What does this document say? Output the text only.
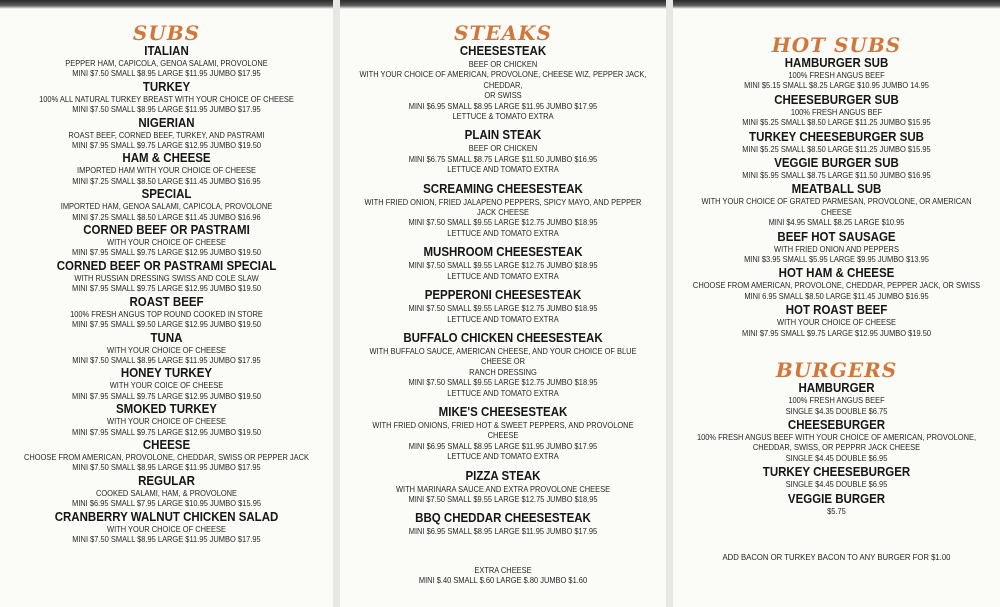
SUBS

ITALIAN

PEPPER HAM, CAPICOLA, GENOA SALAMI, PROVOLONE

MINI $7.50 SMALL $8.95 LARGE $11.95 JUMBO $17.95

TURKEY

100% ALL NATURAL TURKEY BREAST WITH YOUR CHOICE OF CHEESE

MINI $7.50 SMALL $8.95 LARGE $11.95 JUMBO $17.95

NIGERIAN

ROAST BEEF, CORNED BEEF, TURKEY, AND PASTRAMI

MINI $7.95 SMALL $9.75 LARGE $12.95 JUMBO $19.50

HAM & CHEESE

IMPORTED HAM WITH YOUR CHOICE OF CHEESE

MINI $7.25 SMALL $8.50 LARGE $11.45 JUMBO $16.95

SPECIAL

IMPORTED HAM, GENOA SALAMI, CAPICOLA, PROVOLONE

MINI $7.25 SMALL $8.50 LARGE $11.45 JUMBO $16.96

CORNED BEEF OR PASTRAMI

WITH YOUR CHOICE OF CHEESE

MINI $7.95 SMALL $9.75 LARGE $12.95 JUMBO $19.50

CORNED BEEF OR PASTRAMI SPECIAL

WITH RUSSIAN DRESSING SWISS AND COLE SLAW

MINI $7.95 SMALL $9.75 LARGE $12.95 JUMBO $19.50

ROAST BEEF

100% FRESH ANGUS TOP ROUND COOKED IN STORE

MINI $7.95 SMALL $9.50 LARGE $12.95 JUMBO $19.50

TUNA

WITH YOUR CHOICE OF CHEESE

MINI $7.50 SMALL $8.95 LARGE $11.95 JUMBO $17.95

HONEY TURKEY

WITH YOUR COICE OF CHEESE

MINI $7.95 SMALL $9.75 LARGE $12.95 JUMBO $19.50

SMOKED TURKEY

WITH YOUR CHOICE OF CHEESE

MINI $7.95 SMALL $9.75 LARGE $12.95 JUMBO $19.50

CHEESE

CHOOSE FROM AMERICAN, PROVOLONE, CHEDDAR, SWISS OR PEPPER JACK

MINI $7.50 SMALL $8.95 LARGE $11.95 JUMBO $17.95

REGULAR

COOKED SALAMI, HAM, & PROVOLONE

MINI $6.95 SMALL $7.95 LARGE $10.95 JUMBO $15.95

CRANBERRY WALNUT CHICKEN SALAD

WITH YOUR CHOICE OF CHEESE

MINI $7.50 SMALL $8.95 LARGE $11.95 JUMBO $17.95

STEAKS

CHEESESTEAK

BEEF OR CHICKEN
WITH YOUR CHOICE OF AMERICAN, PROVOLONE, CHEESE WIZ, PEPPER JACK, CHEDDAR,
OR SWISS

MINI $6.95 SMALL $8.95 LARGE $11.95 JUMBO $17.95
LETTUCE & TOMATO EXTRA

PLAIN STEAK

BEEF OR CHICKEN

MINI $6.75 SMALL $8.75 LARGE $11.50 JUMBO $16.95
LETTUCE AND TOMATO EXTRA

SCREAMING CHEESESTEAK

WITH FRIED ONION, FRIED JALAPENO PEPPERS, SPICY MAYO, AND PEPPER JACK CHEESE

MINI $7.50 SMALL $9.55 LARGE $12.75 JUMBO $18.95
LETTUCE AND TOMATO EXTRA

MUSHROOM CHEESESTEAK

MINI $7.50 SMALL $9.55 LARGE $12.75 JUMBO $18.95
LETTUCE AND TOMATO EXTRA

PEPPERONI CHEESESTEAK

MINI $7.50 SMALL $9.55 LARGE $12.75 JUMBO $18.95
LETTUCE AND TOMATO EXTRA

BUFFALO CHICKEN CHEESESTEAK

WITH BUFFALO SAUCE, AMERICAN CHEESE, AND YOUR CHOICE OF BLUE CHEESE OR
RANCH DRESSING

MINI $7.50 SMALL $9.55 LARGE $12.75 JUMBO $18.95
LETTUCE AND TOMATO EXTRA

MIKE'S CHEESESTEAK

WITH FRIED ONIONS, FRIED HOT & SWEET PEPPERS, AND PROVOLONE CHEESE

MINI $6.95 SMALL $8.95 LARGE $11.95 JUMBO $17.95
LETTUCE AND TOMATO EXTRA

PIZZA STEAK

WITH MARINARA SAUCE AND EXTRA PROVOLONE CHEESE

MINI $7.50 SMALL $9.55 LARGE $12.75 JUMBO $18.95

BBQ CHEDDAR CHEESESTEAK

MINI $6.95 SMALL $8.95 LARGE $11.95 JUMBO $17.95

EXTRA CHEESE

MINI $.40 SMALL $.60 LARGE $.80 JUMBO $1.60

HOT SUBS

HAMBURGER SUB

100% FRESH ANGUS BEEF

MINI $5.15 SMALL $8.25 LARGE $10.95 JUMBO 14.95

CHEESEBURGER SUB

100% FRESH ANGUS BEF

MINI $5.25 SMALL $8.50 LARGE $11.25 JUMBO $15.95

TURKEY CHEESEBURGER SUB

MINI $5.25 SMALL $8.50 LARGE $11.25 JUMBO $15.95

VEGGIE BURGER SUB

MINI $5.95 SMALL $8.75 LARGE $11.50 JUMBO $16.95

MEATBALL SUB

WITH YOUR CHOICE OF GRATED PARMESAN, PROVOLONE, OR AMERICAN CHEESE

MINI $4.95 SMALL $8.25 LARGE $10.95

BEEF HOT SAUSAGE

WITH FRIED ONION AND PEPPERS

MINI $3.95 SMALL $5.95 LARGE $9.95 JUMBO $13.95

HOT HAM & CHEESE

CHOOSE FROM AMERICAN, PROVOLONE, CHEDDAR, PEPPER JACK, OR SWISS

MINI 6.95 SMALL $8.50 LARGE $11.45 JUMBO $16.95

HOT ROAST BEEF

WITH YOUR CHOICE OF CHEESE

MINI $7.95 SMALL $9.75 LARGE $12.95 JUMBO $19.50

BURGERS

HAMBURGER

100% FRESH ANGUS BEEF

SINGLE $4.35 DOUBLE $6.75

CHEESEBURGER

100% FRESH ANGUS BEEF WITH YOUR CHOICE OF AMERICAN, PROVOLONE,
CHEDDAR, SWISS, OR PEPPRR JACK CHEESE

SINGLE $4.45 DOUBLE $6.95

TURKEY CHEESEBURGER

SINGLE $4.45 DOUBLE $6.95

VEGGIE BURGER

$5.75

ADD BACON OR TURKEY BACON TO ANY BURGER FOR $1.00
